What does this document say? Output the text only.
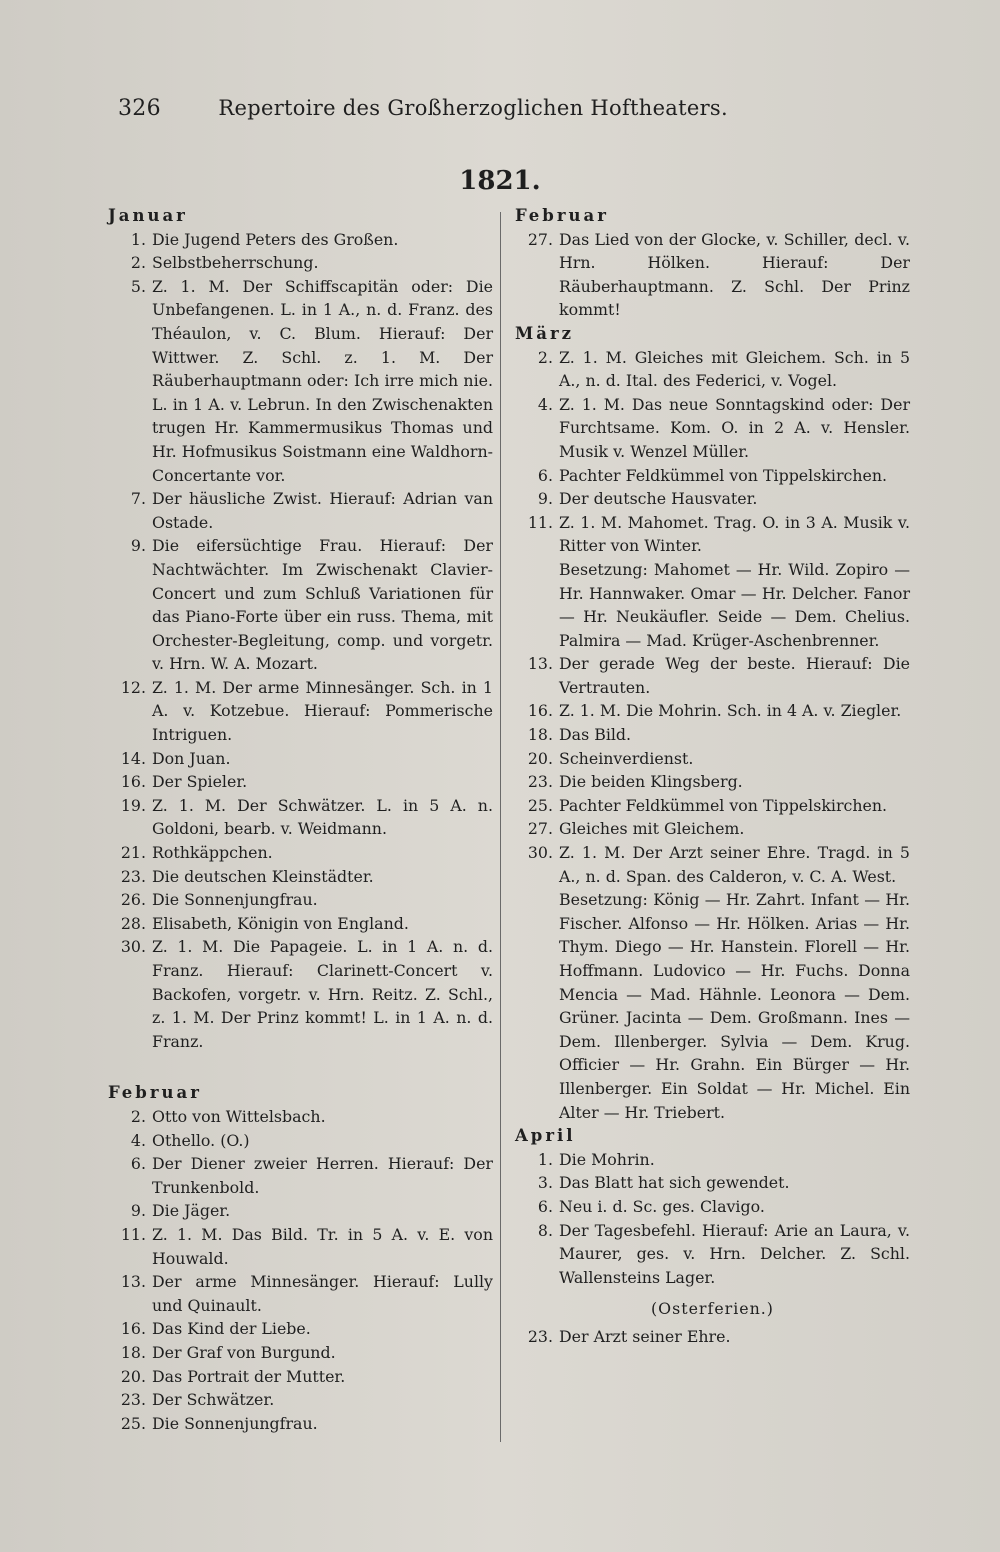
326	Repertoire des Großherzoglichen Hoftheaters.
1821.
Januar
1. Die Jugend Peters des Großen.
2. Selbstbeherrschung.
5. Z. 1. M. Der Schiffscapitän oder: Die Unbefangenen. L. in 1 A., n. d. Franz. des Théaulon, v. C. Blum. Hierauf: Der Wittwer. Z. Schl. z. 1. M. Der Räuberhauptmann oder: Ich irre mich nie. L. in 1 A. v. Lebrun. In den Zwischenakten trugen Hr. Kammermusikus Thomas und Hr. Hofmusikus Soistmann eine Waldhorn-Concertante vor.
7. Der häusliche Zwist. Hierauf: Adrian van Ostade.
9. Die eifersüchtige Frau. Hierauf: Der Nachtwächter. Im Zwischenakt Clavier-Concert und zum Schluß Variationen für das Piano-Forte über ein russ. Thema, mit Orchester-Begleitung, comp. und vorgetr. v. Hrn. W. A. Mozart.
12. Z. 1. M. Der arme Minnesänger. Sch. in 1 A. v. Kotzebue. Hierauf: Pommerische Intriguen.
14. Don Juan.
16. Der Spieler.
19. Z. 1. M. Der Schwätzer. L. in 5 A. n. Goldoni, bearb. v. Weidmann.
21. Rothkäppchen.
23. Die deutschen Kleinstädter.
26. Die Sonnenjungfrau.
28. Elisabeth, Königin von England.
30. Z. 1. M. Die Papageie. L. in 1 A. n. d. Franz. Hierauf: Clarinett-Concert v. Backofen, vorgetr. v. Hrn. Reitz. Z. Schl., z. 1. M. Der Prinz kommt! L. in 1 A. n. d. Franz.
Februar
2. Otto von Wittelsbach.
4. Othello. (O.)
6. Der Diener zweier Herren. Hierauf: Der Trunkenbold.
9. Die Jäger.
11. Z. 1. M. Das Bild. Tr. in 5 A. v. E. von Houwald.
13. Der arme Minnesänger. Hierauf: Lully und Quinault.
16. Das Kind der Liebe.
18. Der Graf von Burgund.
20. Das Portrait der Mutter.
23. Der Schwätzer.
25. Die Sonnenjungfrau.
Februar
27. Das Lied von der Glocke, v. Schiller, decl. v. Hrn. Hölken. Hierauf: Der Räuberhauptmann. Z. Schl. Der Prinz kommt!
März
2. Z. 1. M. Gleiches mit Gleichem. Sch. in 5 A., n. d. Ital. des Federici, v. Vogel.
4. Z. 1. M. Das neue Sonntagskind oder: Der Furchtsame. Kom. O. in 2 A. v. Hensler. Musik v. Wenzel Müller.
6. Pachter Feldkümmel von Tippelskirchen.
9. Der deutsche Hausvater.
11. Z. 1. M. Mahomet. Trag. O. in 3 A. Musik v. Ritter von Winter.
Besetzung: Mahomet — Hr. Wild. Zopiro — Hr. Hannwaker. Omar — Hr. Delcher. Fanor — Hr. Neukäufler. Seide — Dem. Chelius. Palmira — Mad. Krüger-Aschenbrenner.
13. Der gerade Weg der beste. Hierauf: Die Vertrauten.
16. Z. 1. M. Die Mohrin. Sch. in 4 A. v. Ziegler.
18. Das Bild.
20. Scheinverdienst.
23. Die beiden Klingsberg.
25. Pachter Feldkümmel von Tippelskirchen.
27. Gleiches mit Gleichem.
30. Z. 1. M. Der Arzt seiner Ehre. Tragd. in 5 A., n. d. Span. des Calderon, v. C. A. West.
Besetzung: König — Hr. Zahrt. Infant — Hr. Fischer. Alfonso — Hr. Hölken. Arias — Hr. Thym. Diego — Hr. Hanstein. Florell — Hr. Hoffmann. Ludovico — Hr. Fuchs. Donna Mencia — Mad. Hähnle. Leonora — Dem. Grüner. Jacinta — Dem. Großmann. Ines — Dem. Illenberger. Sylvia — Dem. Krug. Officier — Hr. Grahn. Ein Bürger — Hr. Illenberger. Ein Soldat — Hr. Michel. Ein Alter — Hr. Triebert.
April
1. Die Mohrin.
3. Das Blatt hat sich gewendet.
6. Neu i. d. Sc. ges. Clavigo.
8. Der Tagesbefehl. Hierauf: Arie an Laura, v. Maurer, ges. v. Hrn. Delcher. Z. Schl. Wallensteins Lager.
(Osterferien.)
23. Der Arzt seiner Ehre.
